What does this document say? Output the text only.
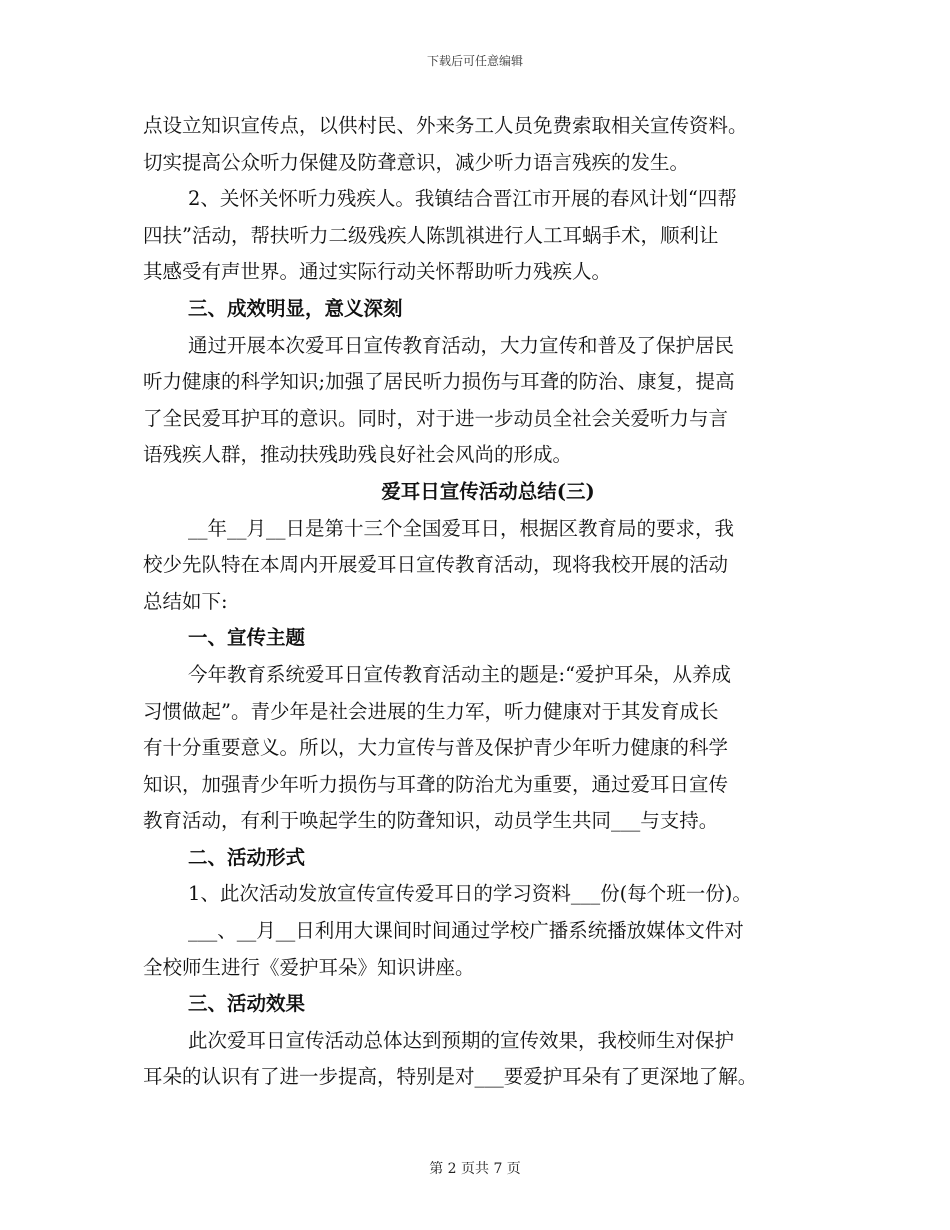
下载后可任意编辑
点设立知识宣传点，以供村民、外来务工人员免费索取相关宣传资料。
切实提高公众听力保健及防聋意识，减少听力语言残疾的发生。
2、关怀关怀听力残疾人。我镇结合晋江市开展的春风计划“四帮
四扶”活动，帮扶听力二级残疾人陈凯祺进行人工耳蜗手术，顺利让
其感受有声世界。通过实际行动关怀帮助听力残疾人。
三、成效明显，意义深刻
通过开展本次爱耳日宣传教育活动，大力宣传和普及了保护居民
听力健康的科学知识;加强了居民听力损伤与耳聋的防治、康复，提高
了全民爱耳护耳的意识。同时，对于进一步动员全社会关爱听力与言
语残疾人群，推动扶残助残良好社会风尚的形成。
爱耳日宣传活动总结(三)
__年__月__日是第十三个全国爱耳日，根据区教育局的要求，我
校少先队特在本周内开展爱耳日宣传教育活动，现将我校开展的活动
总结如下:
一、宣传主题
今年教育系统爱耳日宣传教育活动主的题是:“爱护耳朵，从养成
习惯做起”。青少年是社会进展的生力军，听力健康对于其发育成长
有十分重要意义。所以，大力宣传与普及保护青少年听力健康的科学
知识，加强青少年听力损伤与耳聋的防治尤为重要，通过爱耳日宣传
教育活动，有利于唤起学生的防聋知识，动员学生共同___与支持。
二、活动形式
1、此次活动发放宣传宣传爱耳日的学习资料___份(每个班一份)。
___、__月__日利用大课间时间通过学校广播系统播放媒体文件对
全校师生进行《爱护耳朵》知识讲座。
三、活动效果
此次爱耳日宣传活动总体达到预期的宣传效果，我校师生对保护
耳朵的认识有了进一步提高，特别是对___要爱护耳朵有了更深地了解。
第 2 页共 7 页
